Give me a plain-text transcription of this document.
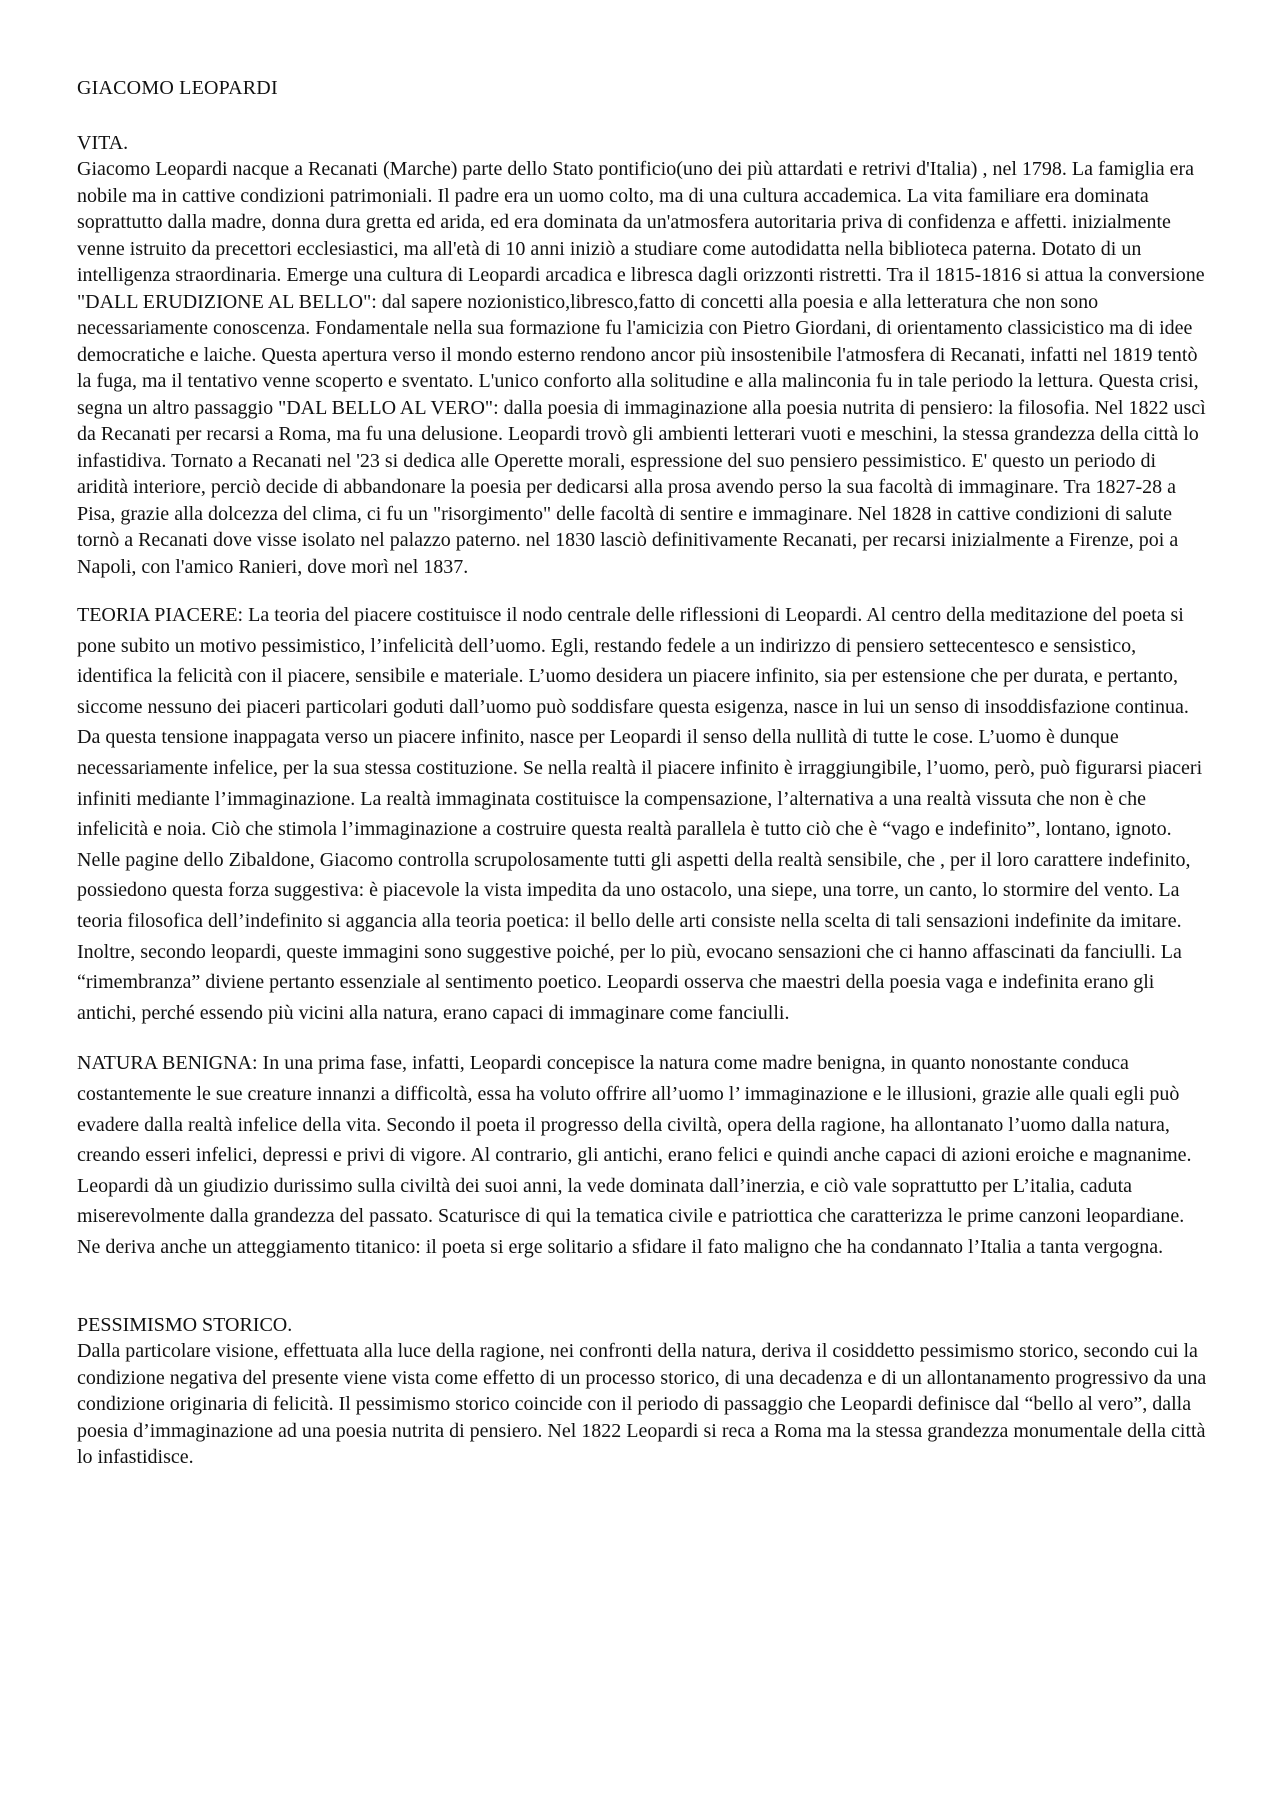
GIACOMO LEOPARDI
VITA.

Giacomo Leopardi nacque a Recanati (Marche) parte dello Stato pontificio(uno dei più attardati e retrivi d'Italia) , nel 1798. La famiglia era nobile ma in cattive condizioni patrimoniali. Il padre era un uomo colto, ma di una cultura accademica. La vita familiare era dominata soprattutto dalla madre, donna dura gretta ed arida, ed era dominata da un'atmosfera autoritaria priva di confidenza e affetti. inizialmente venne istruito da precettori ecclesiastici, ma all'età di 10 anni iniziò a studiare come autodidatta nella biblioteca paterna. Dotato di un intelligenza straordinaria. Emerge una cultura di Leopardi arcadica e libresca dagli orizzonti ristretti. Tra il 1815-1816 si attua la conversione "DALL ERUDIZIONE AL BELLO": dal sapere nozionistico,libresco,fatto di concetti alla poesia e alla letteratura che non sono necessariamente conoscenza. Fondamentale nella sua formazione fu l'amicizia con Pietro Giordani, di orientamento classicistico ma di idee democratiche e laiche. Questa apertura verso il mondo esterno rendono ancor più insostenibile l'atmosfera di Recanati, infatti nel 1819 tentò la fuga, ma il tentativo venne scoperto e sventato. L'unico conforto alla solitudine e alla malinconia fu in tale periodo la lettura. Questa crisi, segna un altro passaggio "DAL BELLO AL VERO": dalla poesia di immaginazione alla poesia nutrita di pensiero: la filosofia. Nel 1822 uscì da Recanati per recarsi a Roma, ma fu una delusione. Leopardi trovò gli ambienti letterari vuoti e meschini, la stessa grandezza della città lo infastidiva. Tornato a Recanati nel '23 si dedica alle Operette morali, espressione del suo pensiero pessimistico. E' questo un periodo di aridità interiore, perciò decide di abbandonare la poesia per dedicarsi alla prosa avendo perso la sua facoltà di immaginare. Tra 1827-28 a Pisa, grazie alla dolcezza del clima, ci fu un "risorgimento" delle facoltà di sentire e immaginare. Nel 1828 in cattive condizioni di salute tornò a Recanati dove visse isolato nel palazzo paterno. nel 1830 lasciò definitivamente Recanati, per recarsi inizialmente a Firenze, poi a Napoli, con l'amico Ranieri, dove morì nel 1837.

TEORIA PIACERE: La teoria del piacere costituisce il nodo centrale delle riflessioni di Leopardi. Al centro della meditazione del poeta si pone subito un motivo pessimistico, l’infelicità dell’uomo. Egli, restando fedele a un indirizzo di pensiero settecentesco e sensistico, identifica la felicità con il piacere, sensibile e materiale. L’uomo desidera un piacere infinito, sia per estensione che per durata, e pertanto, siccome nessuno dei piaceri particolari goduti dall’uomo può soddisfare questa esigenza, nasce in lui un senso di insoddisfazione continua. Da questa tensione inappagata verso un piacere infinito, nasce per Leopardi il senso della nullità di tutte le cose. L’uomo è dunque necessariamente infelice, per la sua stessa costituzione. Se nella realtà il piacere infinito è irraggiungibile, l’uomo, però, può figurarsi piaceri infiniti mediante l’immaginazione. La realtà immaginata costituisce la compensazione, l’alternativa a una realtà vissuta che non è che infelicità e noia. Ciò che stimola l’immaginazione a costruire questa realtà parallela è tutto ciò che è “vago e indefinito”, lontano, ignoto. Nelle pagine dello Zibaldone, Giacomo controlla scrupolosamente tutti gli aspetti della realtà sensibile, che , per il loro carattere indefinito, possiedono questa forza suggestiva: è piacevole la vista impedita da uno ostacolo, una siepe, una torre, un canto, lo stormire del vento. La teoria filosofica dell’indefinito si aggancia alla teoria poetica: il bello delle arti consiste nella scelta di tali sensazioni indefinite da imitare. Inoltre, secondo leopardi, queste immagini sono suggestive poiché, per lo più, evocano sensazioni che ci hanno affascinati da fanciulli. La “rimembranza” diviene pertanto essenziale al sentimento poetico. Leopardi osserva che maestri della poesia vaga e indefinita erano gli antichi, perché essendo più vicini alla natura, erano capaci di immaginare come fanciulli.

NATURA BENIGNA: In una prima fase, infatti, Leopardi concepisce la natura come madre benigna, in quanto nonostante conduca costantemente le sue creature innanzi a difficoltà, essa ha voluto offrire all’uomo l’ immaginazione e le illusioni, grazie alle quali egli può evadere dalla realtà infelice della vita. Secondo il poeta il progresso della civiltà, opera della ragione, ha allontanato l’uomo dalla natura, creando esseri infelici, depressi e privi di vigore. Al contrario, gli antichi, erano felici e quindi anche capaci di azioni eroiche e magnanime. Leopardi dà un giudizio durissimo sulla civiltà dei suoi anni, la vede dominata dall’inerzia, e ciò vale soprattutto per L’italia, caduta miserevolmente dalla grandezza del passato. Scaturisce di qui la tematica civile e patriottica che caratterizza le prime canzoni leopardiane. Ne deriva anche un atteggiamento titanico: il poeta si erge solitario a sfidare il fato maligno che ha condannato l’Italia a tanta vergogna.

PESSIMISMO STORICO.

Dalla particolare visione, effettuata alla luce della ragione, nei confronti della natura, deriva il cosiddetto pessimismo storico, secondo cui la condizione negativa del presente viene vista come effetto di un processo storico, di una decadenza e di un allontanamento progressivo da una condizione originaria di felicità. Il pessimismo storico coincide con il periodo di passaggio che Leopardi definisce dal “bello al vero”, dalla poesia d’immaginazione ad una poesia nutrita di pensiero. Nel 1822 Leopardi si reca a Roma ma la stessa grandezza monumentale della città lo infastidisce.
